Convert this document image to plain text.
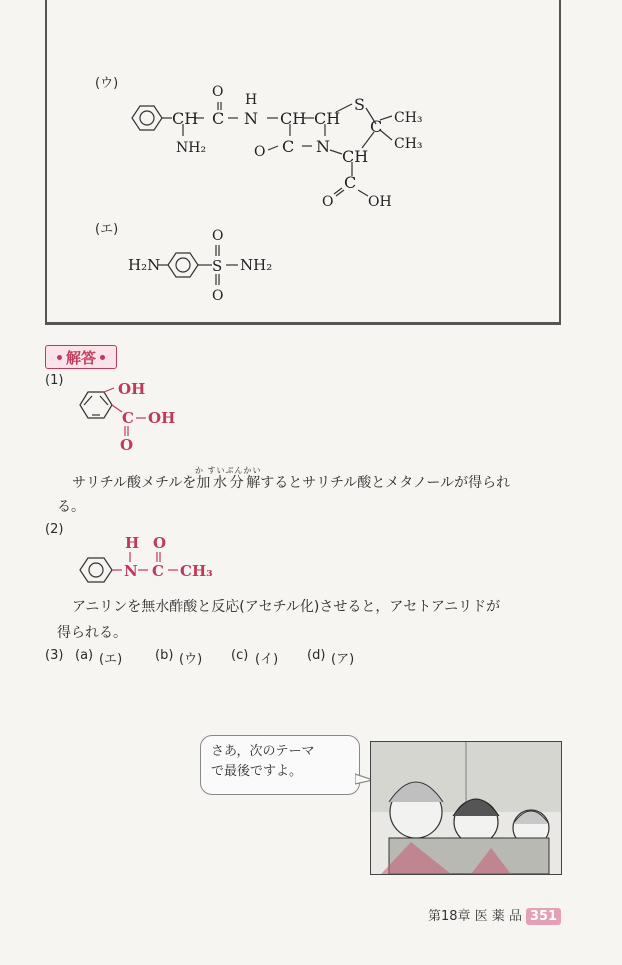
(ウ)
(エ)
CH
NH₂
O
C
H
N CH CH
S
C CH₃
CH₃
O C N
CH
C
O OH
H₂N
O
S
O
NH₂
解答
(1)	OH
C OH
O
サリチル酸メチルを加水分解か すいぶんかいするとサリチル酸とメタノールが得られ
る。
(2)
H
N
O
C CH₃
アニリンを無水酢酸と反応(アセチル化)させると，アセトアニリドが
得られる。
(3) (a) (エ)	(b) (ウ)	(c) (イ)	(d) (ア)
さあ，次のテーマ
で最後ですよ。
第18章 医 薬 品 351
